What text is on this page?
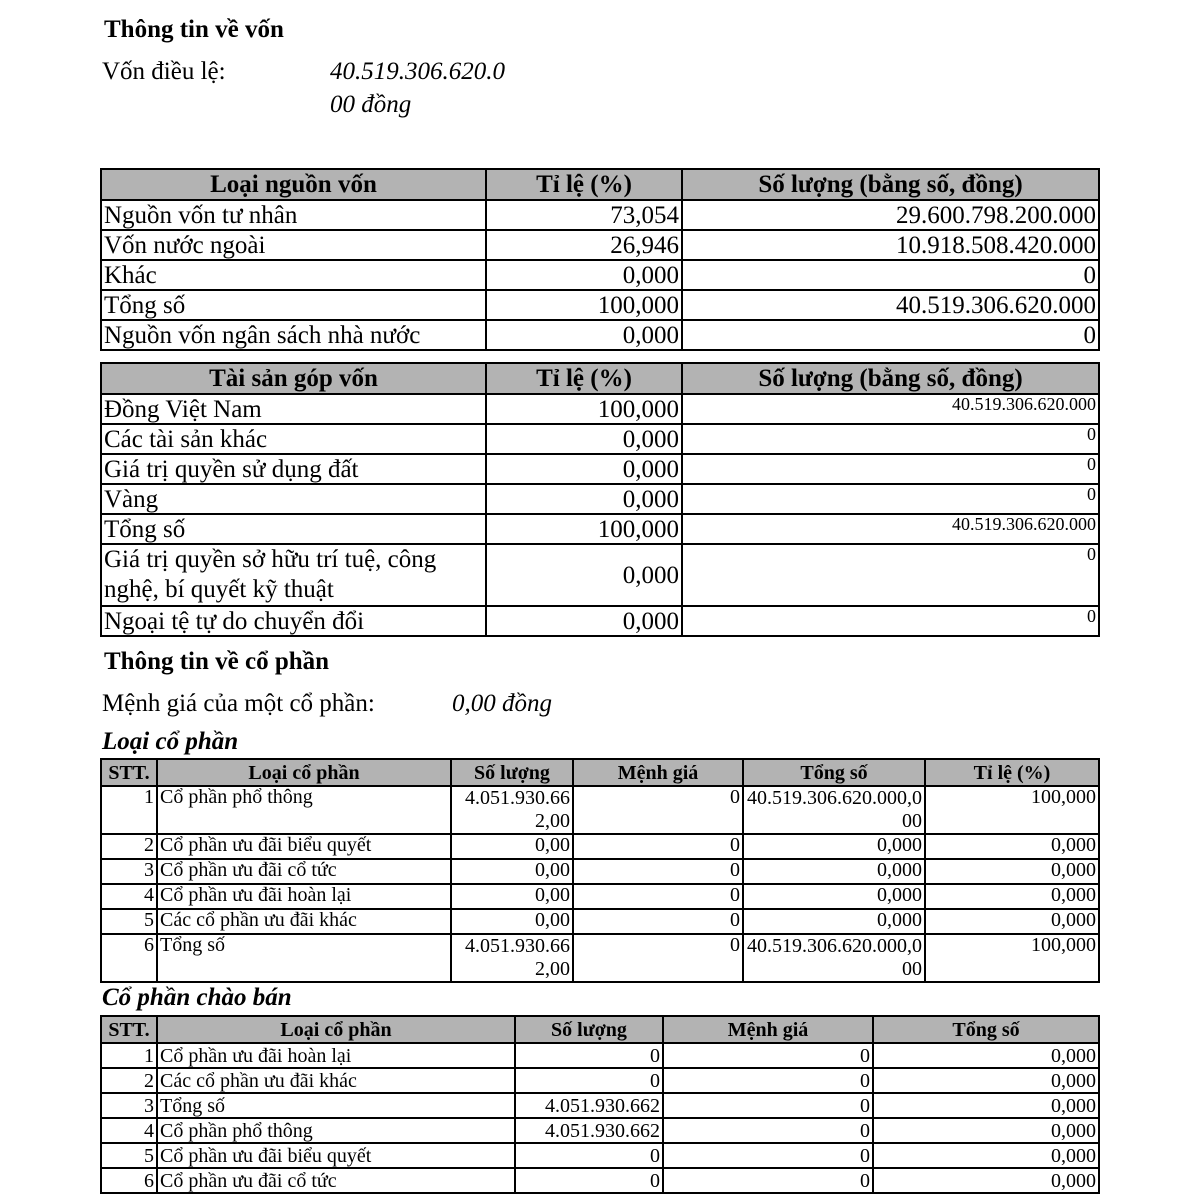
Thông tin về vốn
Vốn điều lệ:	40.519.306.620.0
00 đồng
Loại nguồn vốn	Tỉ lệ (%)	Số lượng (bằng số, đồng)
Nguồn vốn tư nhân	73,054	29.600.798.200.000
Vốn nước ngoài	26,946	10.918.508.420.000
Khác	0,000	0
Tổng số	100,000	40.519.306.620.000
Nguồn vốn ngân sách nhà nước	0,000	0
Tài sản góp vốn	Tỉ lệ (%)	Số lượng (bằng số, đồng)
Đồng Việt Nam	100,000	40.519.306.620.000
Các tài sản khác	0,000	0
Giá trị quyền sử dụng đất	0,000	0
Vàng	0,000	0
Tổng số	100,000	40.519.306.620.000
Giá trị quyền sở hữu trí tuệ, công nghệ, bí quyết kỹ thuật	0,000	0
Ngoại tệ tự do chuyển đổi	0,000	0
Thông tin về cổ phần
Mệnh giá của một cổ phần:	0,00 đồng
Loại cổ phần
STT.	Loại cổ phần	Số lượng	Mệnh giá	Tổng số	Tỉ lệ (%)
1	Cổ phần phổ thông	4.051.930.662,00	0	40.519.306.620.000,000	100,000
2	Cổ phần ưu đãi biểu quyết	0,00	0	0,000	0,000
3	Cổ phần ưu đãi cổ tức	0,00	0	0,000	0,000
4	Cổ phần ưu đãi hoàn lại	0,00	0	0,000	0,000
5	Các cổ phần ưu đãi khác	0,00	0	0,000	0,000
6	Tổng số	4.051.930.662,00	0	40.519.306.620.000,000	100,000
Cổ phần chào bán
STT.	Loại cổ phần	Số lượng	Mệnh giá	Tổng số
1	Cổ phần ưu đãi hoàn lại	0	0	0,000
2	Các cổ phần ưu đãi khác	0	0	0,000
3	Tổng số	4.051.930.662	0	0,000
4	Cổ phần phổ thông	4.051.930.662	0	0,000
5	Cổ phần ưu đãi biểu quyết	0	0	0,000
6	Cổ phần ưu đãi cổ tức	0	0	0,000
